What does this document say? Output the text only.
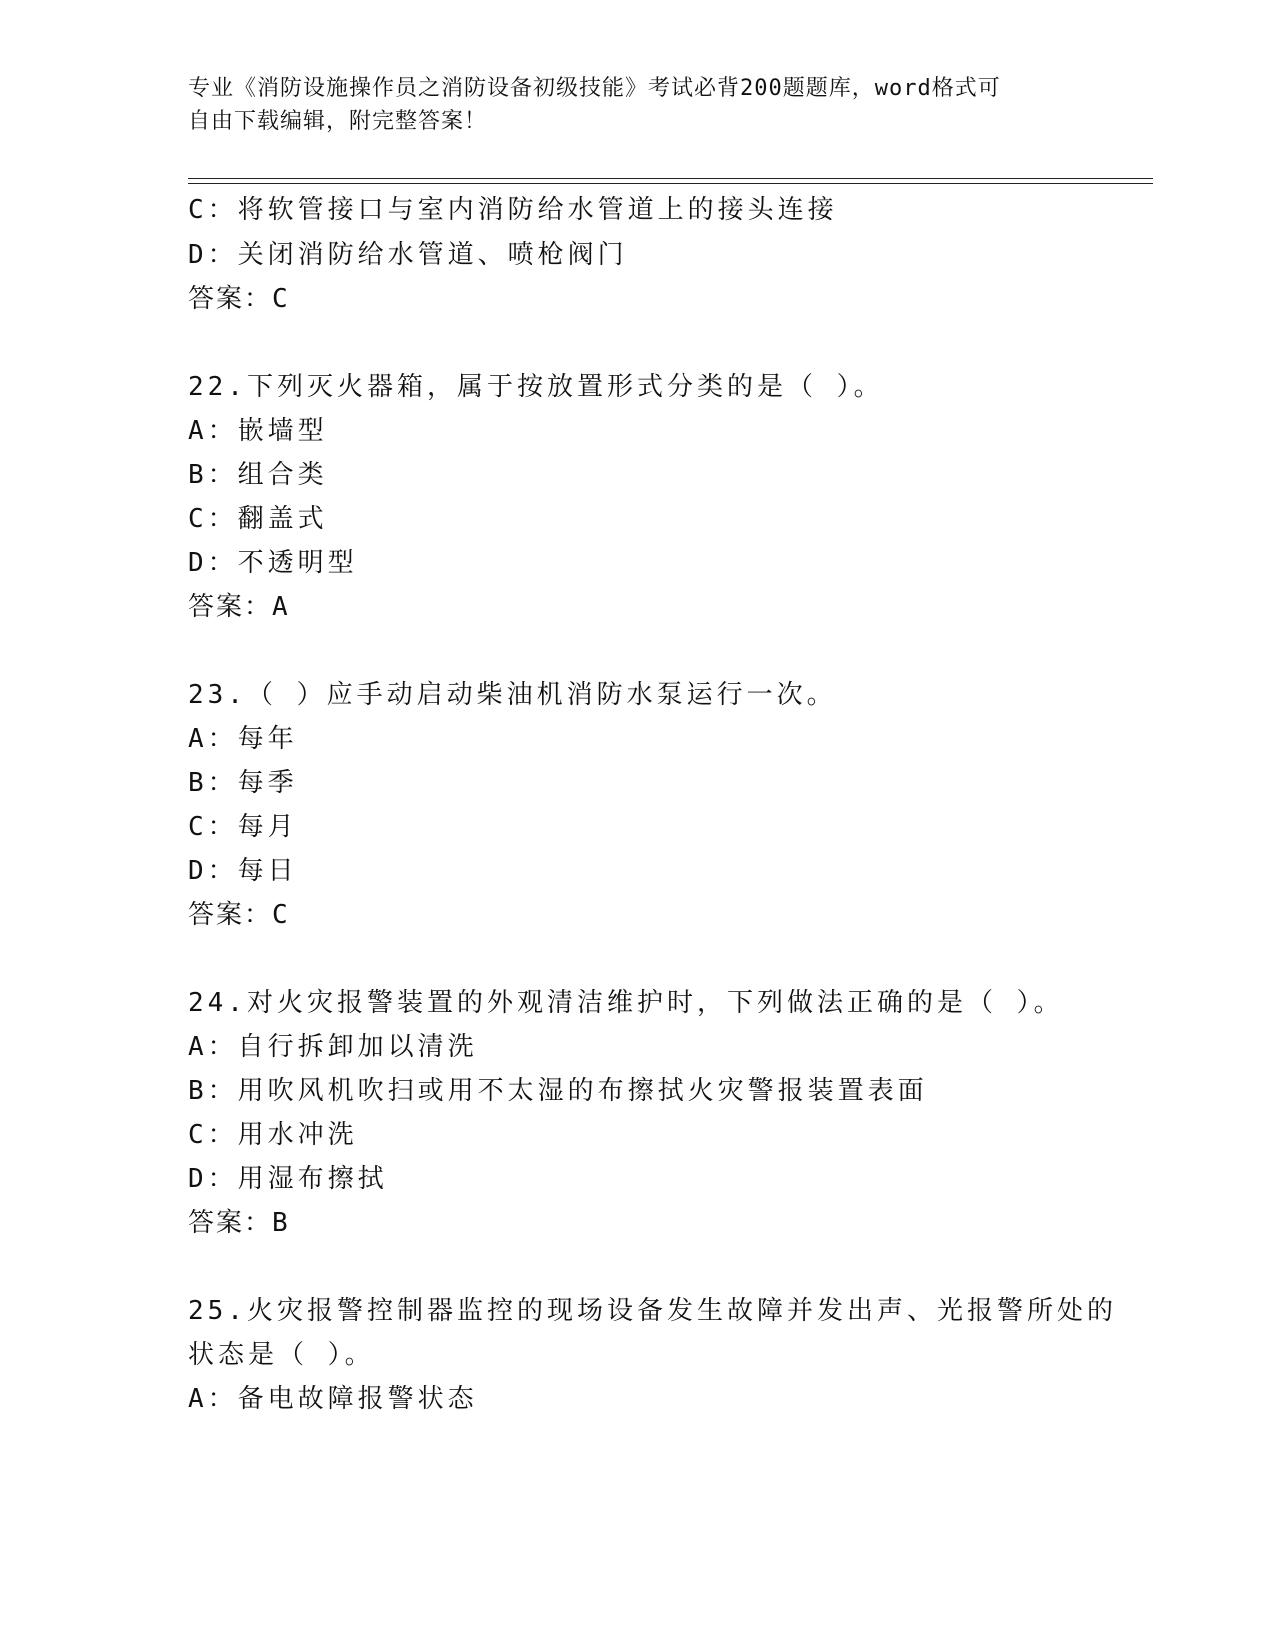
专业《消防设施操作员之消防设备初级技能》考试必背200题题库，word格式可
自由下载编辑，附完整答案！
C：将软管接口与室内消防给水管道上的接头连接
D：关闭消防给水管道、喷枪阀门
答案：C
22.下列灭火器箱，属于按放置形式分类的是（ ）。
A：嵌墙型
B：组合类
C：翻盖式
D：不透明型
答案：A
23.（ ）应手动启动柴油机消防水泵运行一次。
A：每年
B：每季
C：每月
D：每日
答案：C
24.对火灾报警装置的外观清洁维护时，下列做法正确的是（ ）。
A：自行拆卸加以清洗
B：用吹风机吹扫或用不太湿的布擦拭火灾警报装置表面
C：用水冲洗
D：用湿布擦拭
答案：B
25.火灾报警控制器监控的现场设备发生故障并发出声、光报警所处的
状态是（ ）。
A：备电故障报警状态
